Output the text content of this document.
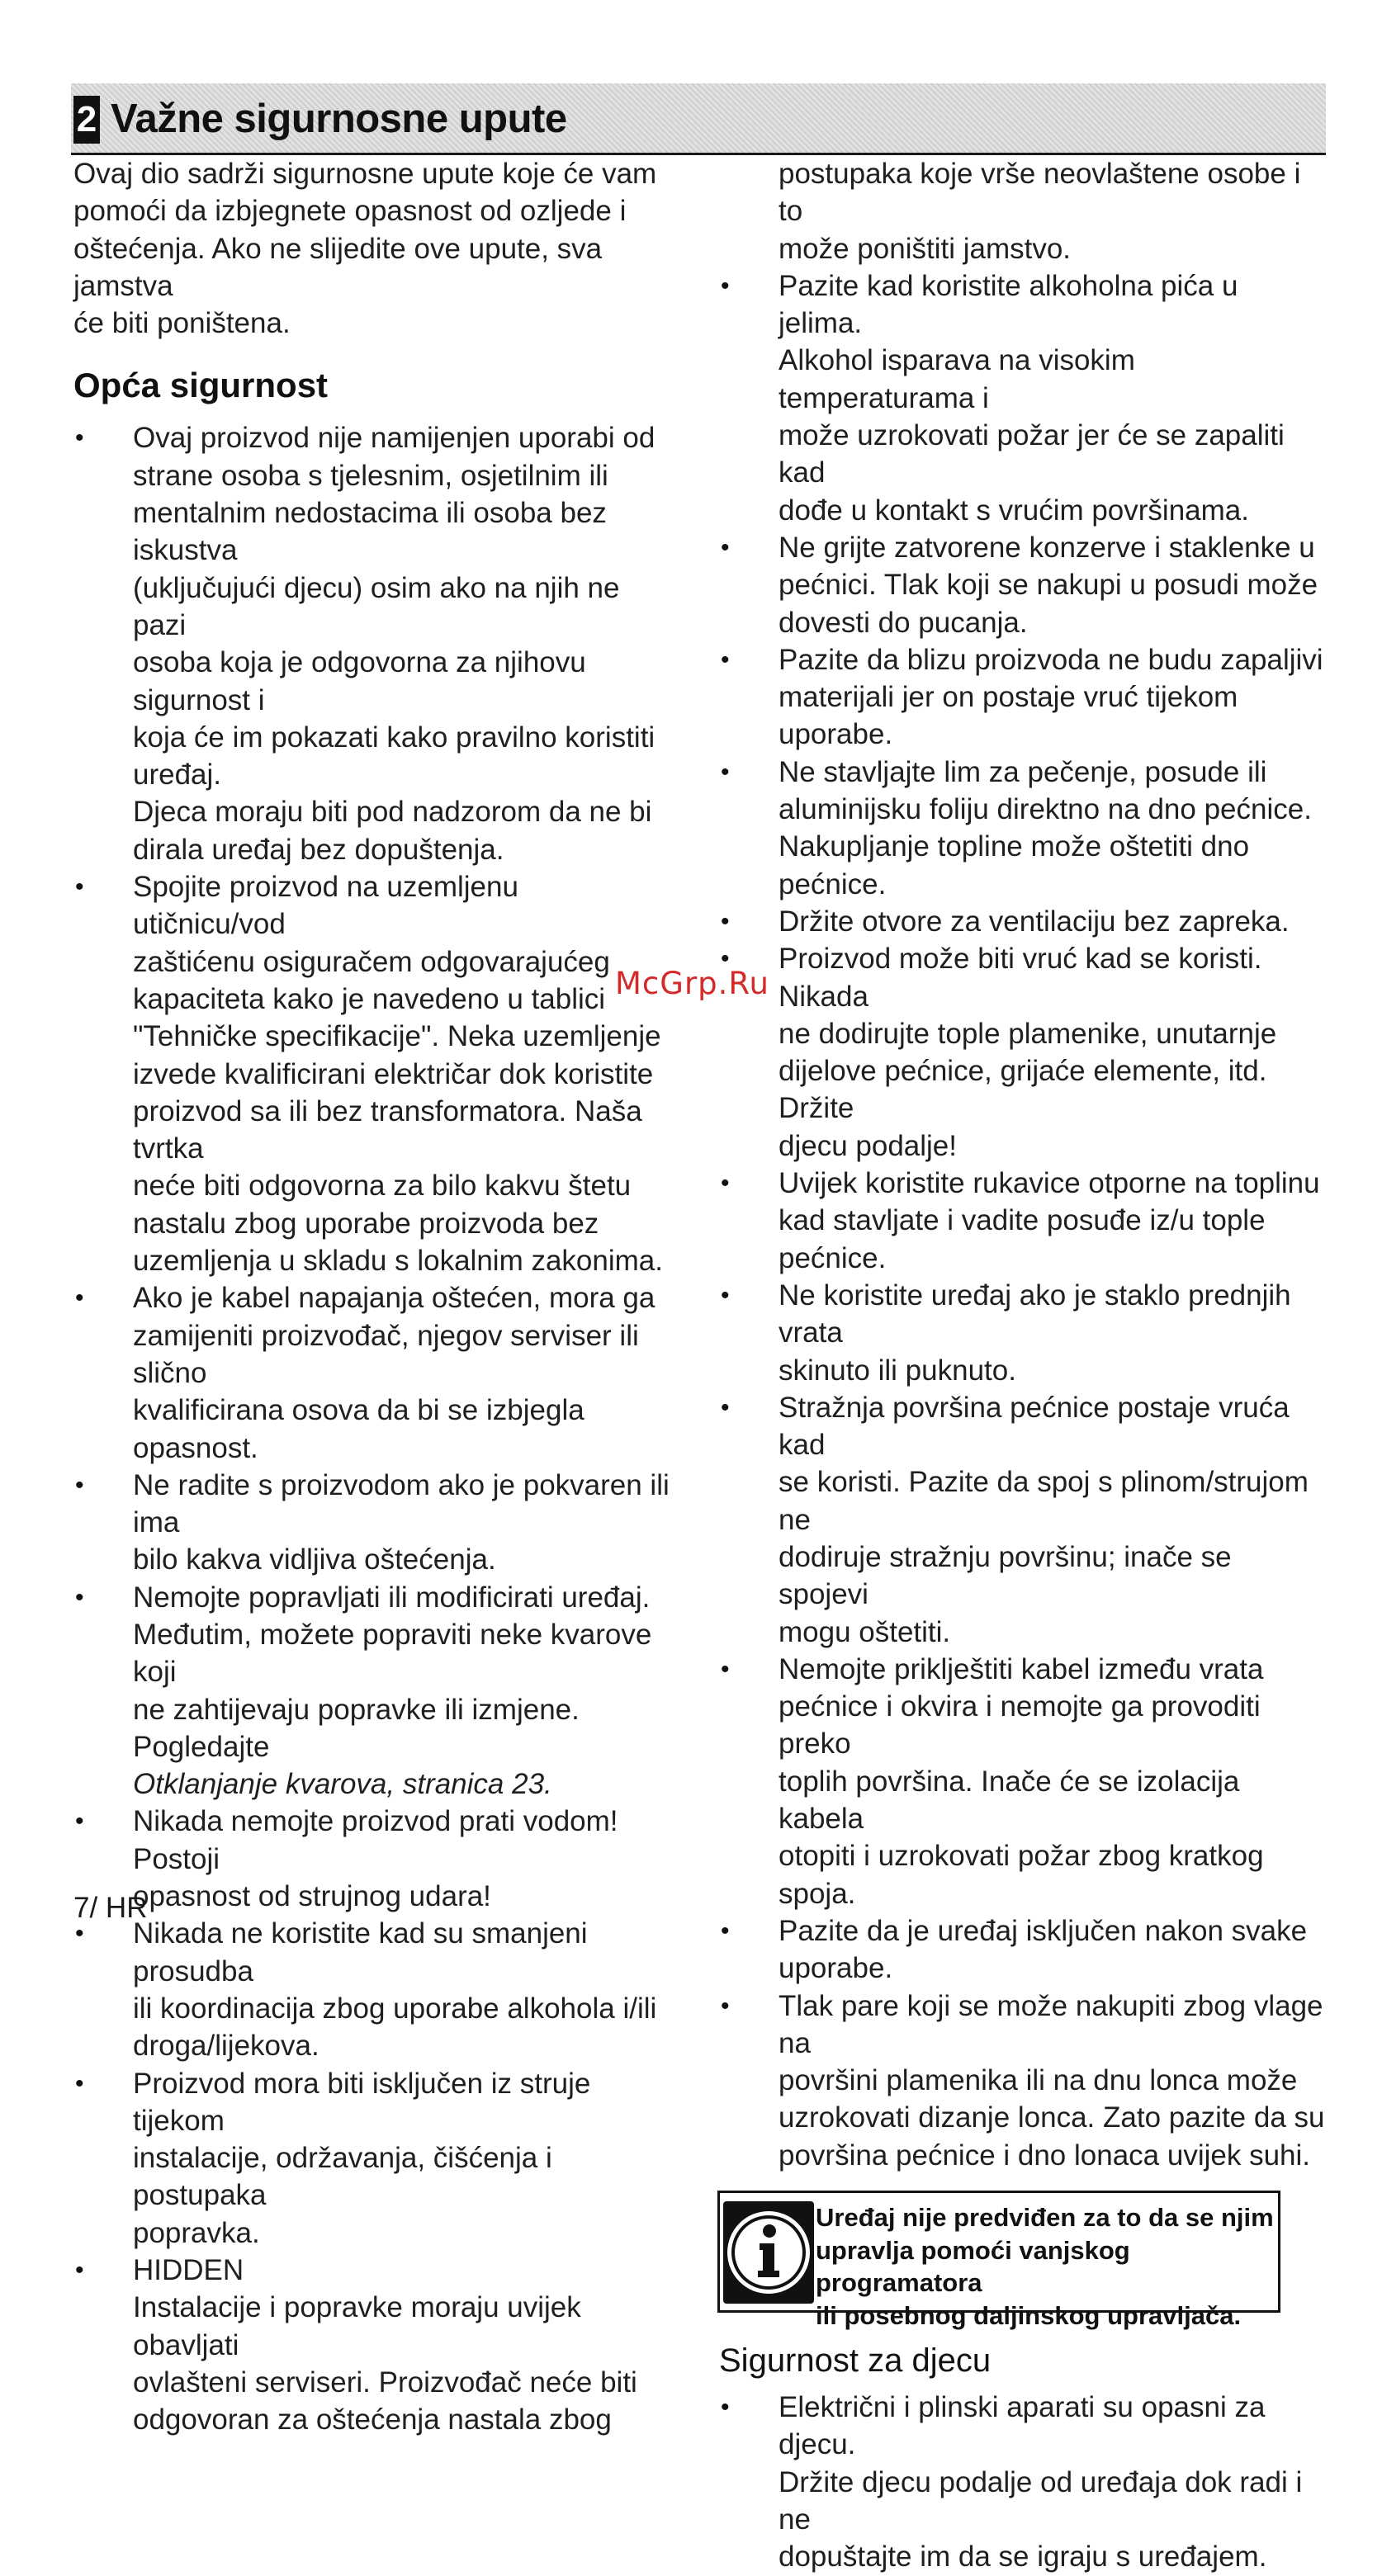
2 Važne sigurnosne upute

Ovaj dio sadrži sigurnosne upute koje će vam
pomoći da izbjegnete opasnost od ozljede i
oštećenja. Ako ne slijedite ove upute, sva jamstva
će biti poništena.

Opća sigurnost
• Ovaj proizvod nije namijenjen uporabi od
strane osoba s tjelesnim, osjetilnim ili
mentalnim nedostacima ili osoba bez iskustva
(uključujući djecu) osim ako na njih ne pazi
osoba koja je odgovorna za njihovu sigurnost i
koja će im pokazati kako pravilno koristiti
uređaj.
Djeca moraju biti pod nadzorom da ne bi
dirala uređaj bez dopuštenja.
• Spojite proizvod na uzemljenu utičnicu/vod
zaštićenu osiguračem odgovarajućeg
kapaciteta kako je navedeno u tablici
"Tehničke specifikacije". Neka uzemljenje
izvede kvalificirani električar dok koristite
proizvod sa ili bez transformatora. Naša tvrtka
neće biti odgovorna za bilo kakvu štetu
nastalu zbog uporabe proizvoda bez
uzemljenja u skladu s lokalnim zakonima.
• Ako je kabel napajanja oštećen, mora ga
zamijeniti proizvođač, njegov serviser ili slično
kvalificirana osova da bi se izbjegla opasnost.
• Ne radite s proizvodom ako je pokvaren ili ima
bilo kakva vidljiva oštećenja.
• Nemojte popravljati ili modificirati uređaj.
Međutim, možete popraviti neke kvarove koji
ne zahtijevaju popravke ili izmjene. Pogledajte
Otklanjanje kvarova, stranica 23.
• Nikada nemojte proizvod prati vodom! Postoji
opasnost od strujnog udara!
• Nikada ne koristite kad su smanjeni prosudba
ili koordinacija zbog uporabe alkohola i/ili
droga/lijekova.
• Proizvod mora biti isključen iz struje tijekom
instalacije, održavanja, čišćenja i postupaka
popravka.
• HIDDEN
Instalacije i popravke moraju uvijek obavljati
ovlašteni serviseri. Proizvođač neće biti
odgovoran za oštećenja nastala zbog
postupaka koje vrše neovlaštene osobe i to
može poništiti jamstvo.
• Pazite kad koristite alkoholna pića u jelima.
Alkohol isparava na visokim temperaturama i
može uzrokovati požar jer će se zapaliti kad
dođe u kontakt s vrućim površinama.
• Ne grijte zatvorene konzerve i staklenke u
pećnici. Tlak koji se nakupi u posudi može
dovesti do pucanja.
• Pazite da blizu proizvoda ne budu zapaljivi
materijali jer on postaje vruć tijekom uporabe.
• Ne stavljajte lim za pečenje, posude ili
aluminijsku foliju direktno na dno pećnice.
Nakupljanje topline može oštetiti dno pećnice.
• Držite otvore za ventilaciju bez zapreka.
• Proizvod može biti vruć kad se koristi. Nikada
ne dodirujte tople plamenike, unutarnje
dijelove pećnice, grijaće elemente, itd. Držite
djecu podalje!
• Uvijek koristite rukavice otporne na toplinu
kad stavljate i vadite posuđe iz/u tople
pećnice.
• Ne koristite uređaj ako je staklo prednjih vrata
skinuto ili puknuto.
• Stražnja površina pećnice postaje vruća kad
se koristi. Pazite da spoj s plinom/strujom ne
dodiruje stražnju površinu; inače se spojevi
mogu oštetiti.
• Nemojte priklještiti kabel između vrata
pećnice i okvira i nemojte ga provoditi preko
toplih površina. Inače će se izolacija kabela
otopiti i uzrokovati požar zbog kratkog spoja.
• Pazite da je uređaj isključen nakon svake
uporabe.
• Tlak pare koji se može nakupiti zbog vlage na
površini plamenika ili na dnu lonca može
uzrokovati dizanje lonca. Zato pazite da su
površina pećnice i dno lonaca uvijek suhi.
Uređaj nije predviđen za to da se njim
upravlja pomoći vanjskog programatora
ili posebnog daljinskog upravljača.
Sigurnost za djecu
• Električni i plinski aparati su opasni za djecu.
Držite djecu podalje od uređaja dok radi i ne
dopuštajte im da se igraju s uređajem.
McGrp.Ru
7/ HR
